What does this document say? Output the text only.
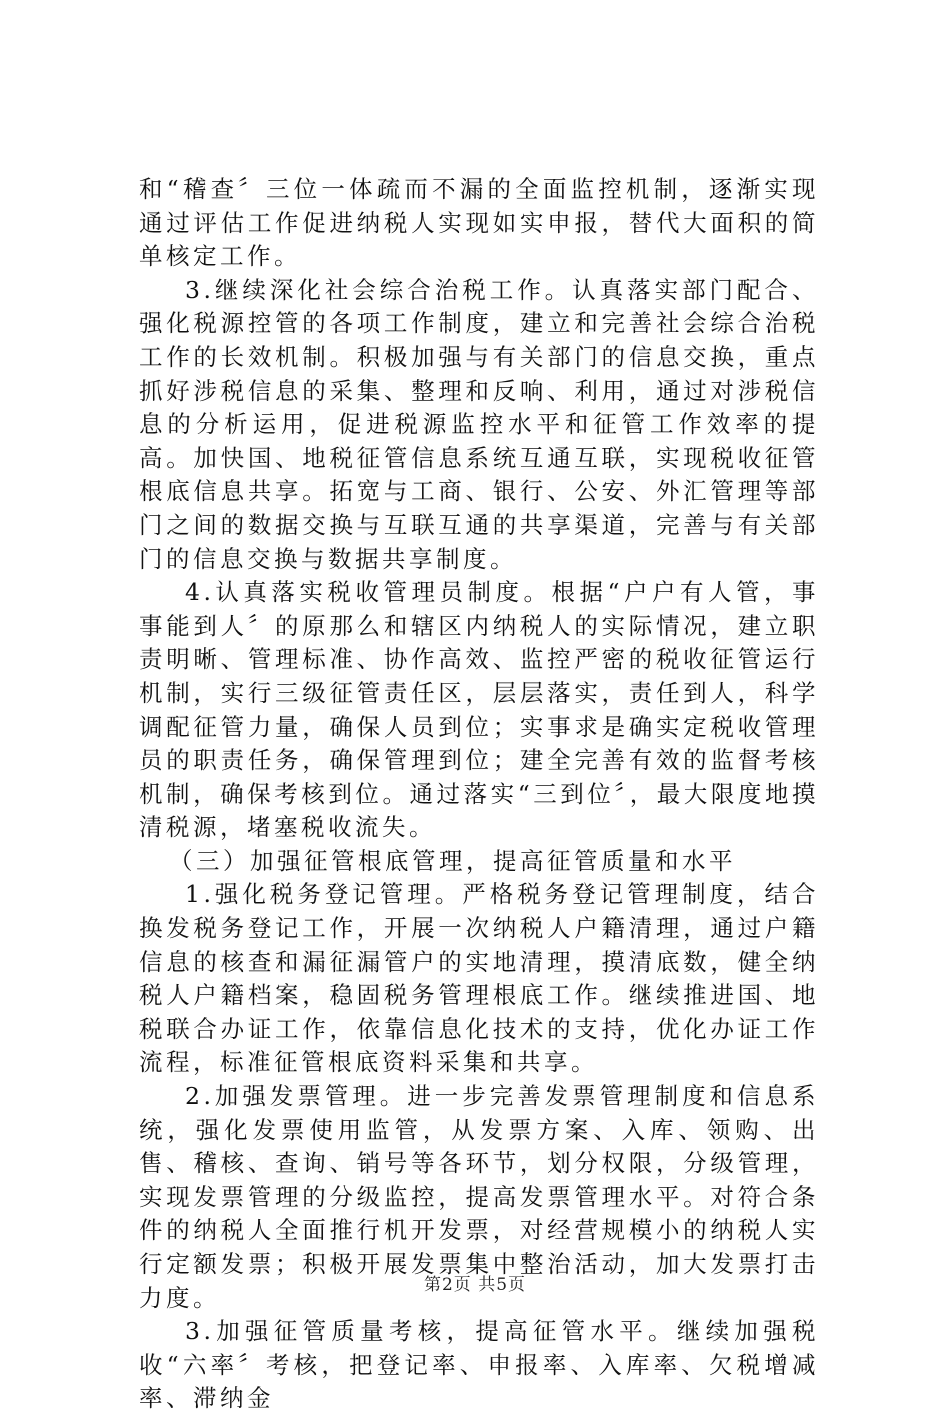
和“稽查〞三位一体疏而不漏的全面监控机制，逐渐实现通过评估工作促进纳税人实现如实申报，替代大面积的简单核定工作。

3.继续深化社会综合治税工作。认真落实部门配合、强化税源控管的各项工作制度，建立和完善社会综合治税工作的长效机制。积极加强与有关部门的信息交换，重点抓好涉税信息的采集、整理和反响、利用，通过对涉税信息的分析运用，促进税源监控水平和征管工作效率的提高。加快国、地税征管信息系统互通互联，实现税收征管根底信息共享。拓宽与工商、银行、公安、外汇管理等部门之间的数据交换与互联互通的共享渠道，完善与有关部门的信息交换与数据共享制度。

4.认真落实税收管理员制度。根据“户户有人管，事事能到人〞的原那么和辖区内纳税人的实际情况，建立职责明晰、管理标准、协作高效、监控严密的税收征管运行机制，实行三级征管责任区，层层落实，责任到人，科学调配征管力量，确保人员到位；实事求是确实定税收管理员的职责任务，确保管理到位；建全完善有效的监督考核机制，确保考核到位。通过落实“三到位〞，最大限度地摸清税源，堵塞税收流失。

（三）加强征管根底管理，提高征管质量和水平

1.强化税务登记管理。严格税务登记管理制度，结合换发税务登记工作，开展一次纳税人户籍清理，通过户籍信息的核查和漏征漏管户的实地清理，摸清底数，健全纳税人户籍档案，稳固税务管理根底工作。继续推进国、地税联合办证工作，依靠信息化技术的支持，优化办证工作流程，标准征管根底资料采集和共享。

2.加强发票管理。进一步完善发票管理制度和信息系统，强化发票使用监管，从发票方案、入库、领购、出售、稽核、查询、销号等各环节，划分权限，分级管理，实现发票管理的分级监控，提高发票管理水平。对符合条件的纳税人全面推行机开发票，对经营规模小的纳税人实行定额发票；积极开展发票集中整治活动，加大发票打击力度。

3.加强征管质量考核，提高征管水平。继续加强税收“六率〞考核，把登记率、申报率、入库率、欠税增减率、滞纳金

第2页 共5页
